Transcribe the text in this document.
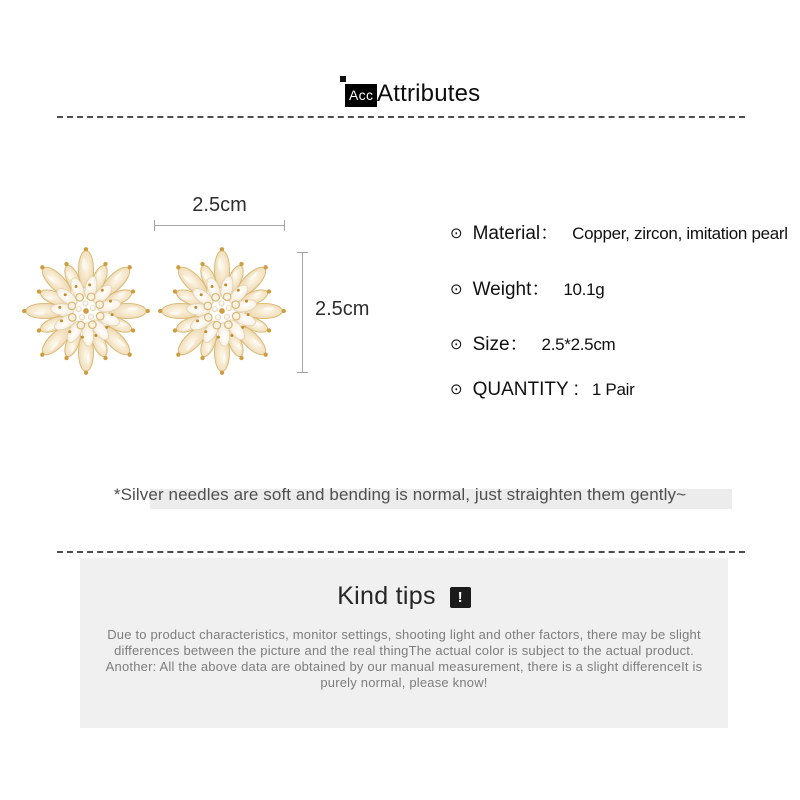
Acc Attributes
2.5cm
2.5cm
⊙ Material： Copper, zircon, imitation pearl
⊙ Weight： 10.1g
⊙ Size： 2.5*2.5cm
⊙ QUANTITY : 1 Pair
*Silver needles are soft and bending is normal, just straighten them gently~
Kind tips !
Due to product characteristics, monitor settings, shooting light and other factors, there may be slight
differences between the picture and the real thingThe actual color is subject to the actual product.
Another: All the above data are obtained by our manual measurement, there is a slight differenceIt is
purely normal, please know!
